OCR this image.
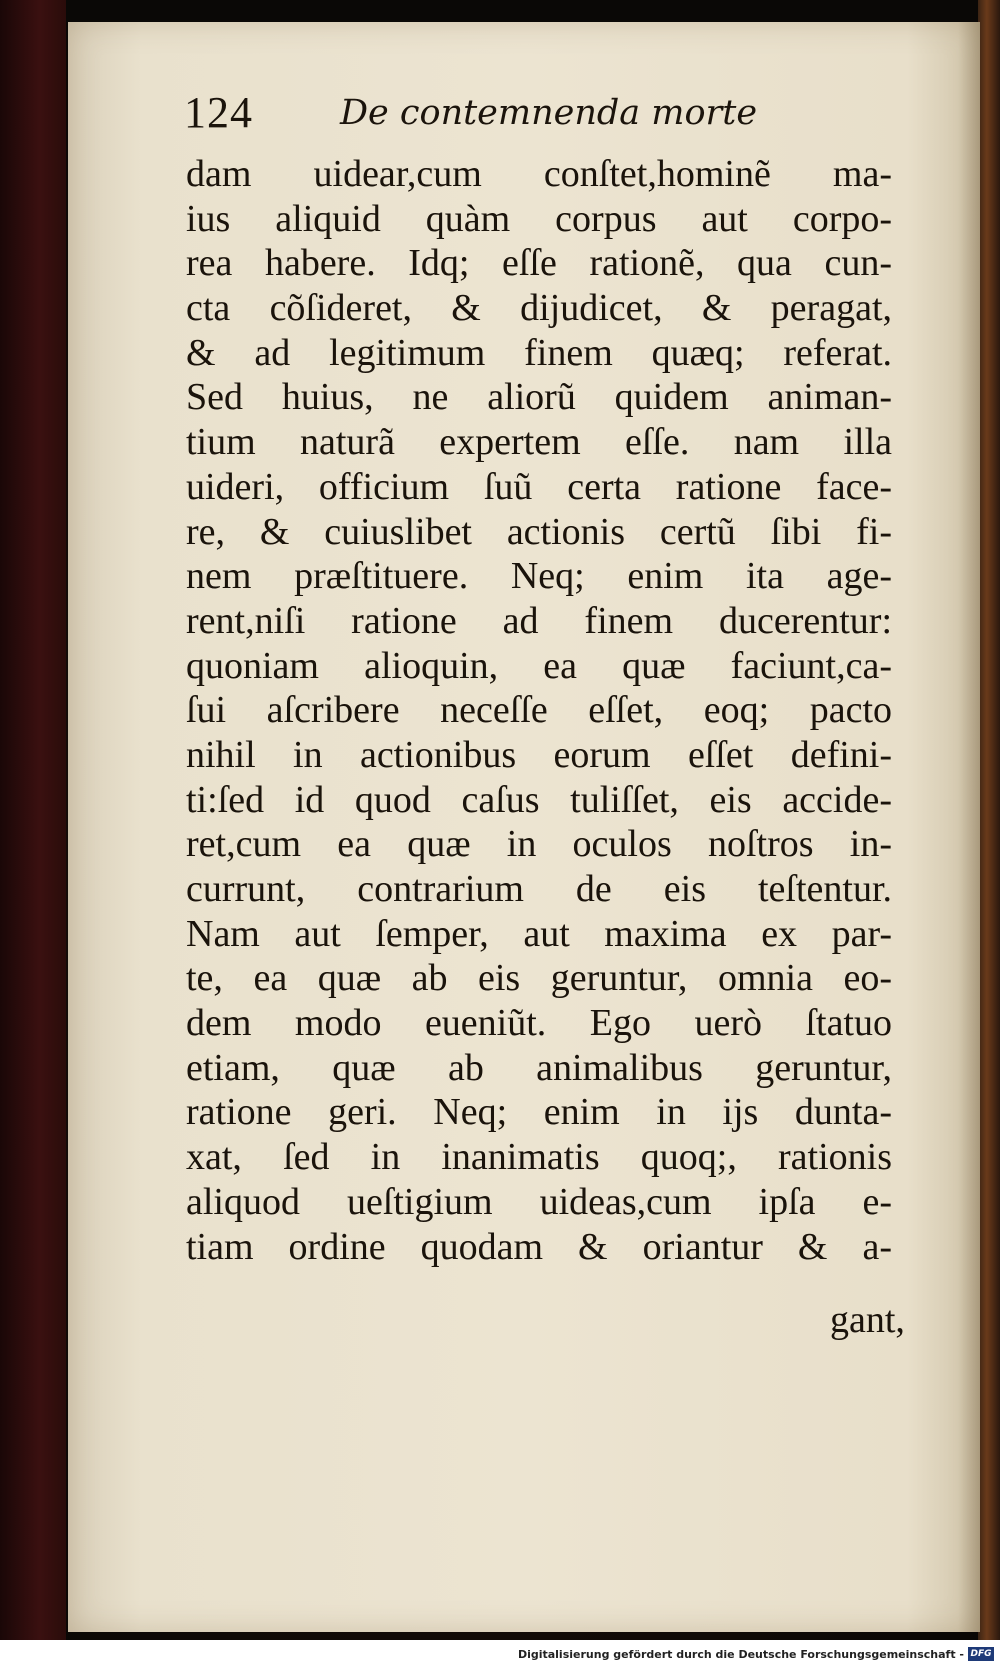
124 De contemnenda morte
dam uidear,cum conſtet,hominẽ ma-
ius aliquid quàm corpus aut corpo-
rea habere. Idq; eſſe rationẽ, qua cun-
cta cõſideret, & dijudicet, & peragat,
& ad legitimum finem quæq; referat.
Sed huius, ne aliorũ quidem animan-
tium naturã expertem eſſe. nam illa
uideri, officium ſuũ certa ratione face-
re, & cuiuslibet actionis certũ ſibi fi-
nem præſtituere. Neq; enim ita age-
rent,niſi ratione ad finem ducerentur:
quoniam alioquin, ea quæ faciunt,ca-
ſui aſcribere neceſſe eſſet, eoq; pacto
nihil in actionibus eorum eſſet defini-
ti:ſed id quod caſus tuliſſet, eis accide-
ret,cum ea quæ in oculos noſtros in-
currunt, contrarium de eis teſtentur.
Nam aut ſemper, aut maxima ex par-
te, ea quæ ab eis geruntur, omnia eo-
dem modo eueniũt. Ego uerò ſtatuo
etiam, quæ ab animalibus geruntur,
ratione geri. Neq; enim in ijs dunta-
xat, ſed in inanimatis quoq;, rationis
aliquod ueſtigium uideas,cum ipſa e-
tiam ordine quodam & oriantur & a-
gant,
Digitalisierung gefördert durch die Deutsche Forschungsgemeinschaft - DFG
